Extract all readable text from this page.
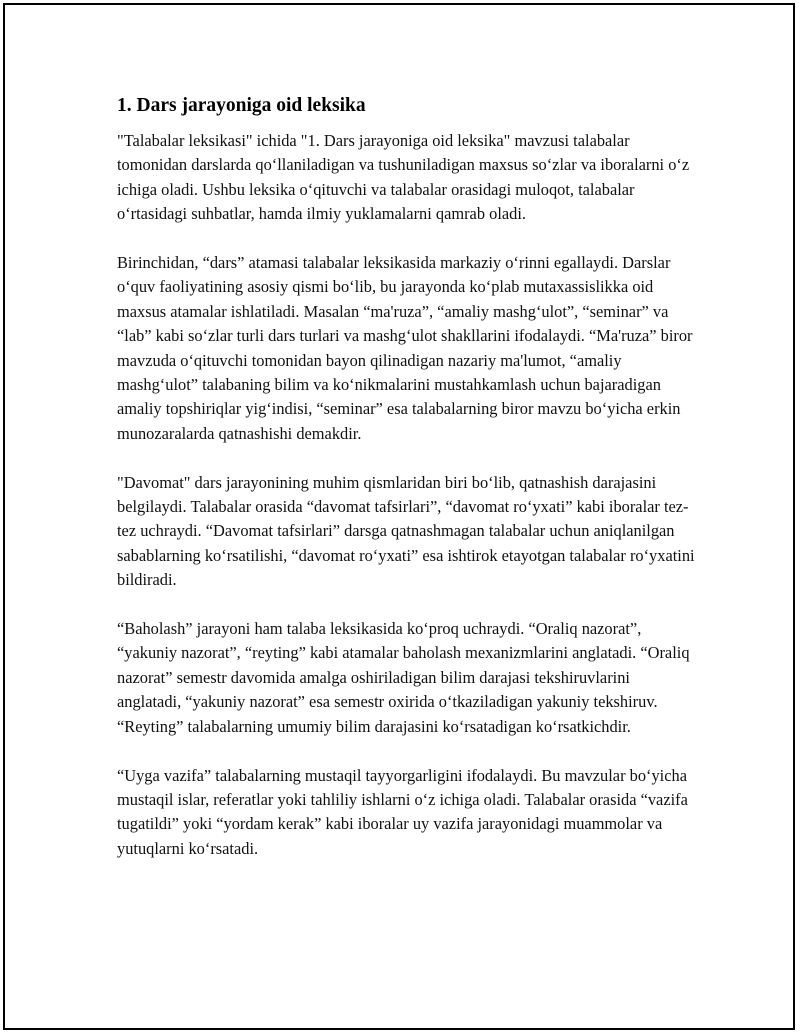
1. Dars jarayoniga oid leksika

"Talabalar leksikasi" ichida "1. Dars jarayoniga oid leksika" mavzusi talabalar tomonidan darslarda qo‘llaniladigan va tushuniladigan maxsus so‘zlar va iboralarni o‘z ichiga oladi. Ushbu leksika o‘qituvchi va talabalar orasidagi muloqot, talabalar o‘rtasidagi suhbatlar, hamda ilmiy yuklamalarni qamrab oladi.

Birinchidan, “dars” atamasi talabalar leksikasida markaziy o‘rinni egallaydi. Darslar o‘quv faoliyatining asosiy qismi bo‘lib, bu jarayonda ko‘plab mutaxassislikka oid maxsus atamalar ishlatiladi. Masalan “ma'ruza”, “amaliy mashg‘ulot”, “seminar” va “lab” kabi so‘zlar turli dars turlari va mashg‘ulot shakllarini ifodalaydi. “Ma'ruza” biror mavzuda o‘qituvchi tomonidan bayon qilinadigan nazariy ma'lumot, “amaliy mashg‘ulot” talabaning bilim va ko‘nikmalarini mustahkamlash uchun bajaradigan amaliy topshiriqlar yig‘indisi, “seminar” esa talabalarning biror mavzu bo‘yicha erkin munozaralarda qatnashishi demakdir.

"Davomat" dars jarayonining muhim qismlaridan biri bo‘lib, qatnashish darajasini belgilaydi. Talabalar orasida “davomat tafsirlari”, “davomat ro‘yxati” kabi iboralar tez-tez uchraydi. “Davomat tafsirlari” darsga qatnashmagan talabalar uchun aniqlanilgan sabablarning ko‘rsatilishi, “davomat ro‘yxati” esa ishtirok etayotgan talabalar ro‘yxatini bildiradi.

“Baholash” jarayoni ham talaba leksikasida ko‘proq uchraydi. “Oraliq nazorat”, “yakuniy nazorat”, “reyting” kabi atamalar baholash mexanizmlarini anglatadi. “Oraliq nazorat” semestr davomida amalga oshiriladigan bilim darajasi tekshiruvlarini anglatadi, “yakuniy nazorat” esa semestr oxirida o‘tkaziladigan yakuniy tekshiruv. “Reyting” talabalarning umumiy bilim darajasini ko‘rsatadigan ko‘rsatkichdir.

“Uyga vazifa” talabalarning mustaqil tayyorgarligini ifodalaydi. Bu mavzular bo‘yicha mustaqil islar, referatlar yoki tahliliy ishlarni o‘z ichiga oladi. Talabalar orasida “vazifa tugatildi” yoki “yordam kerak” kabi iboralar uy vazifa jarayonidagi muammolar va yutuqlarni ko‘rsatadi.
